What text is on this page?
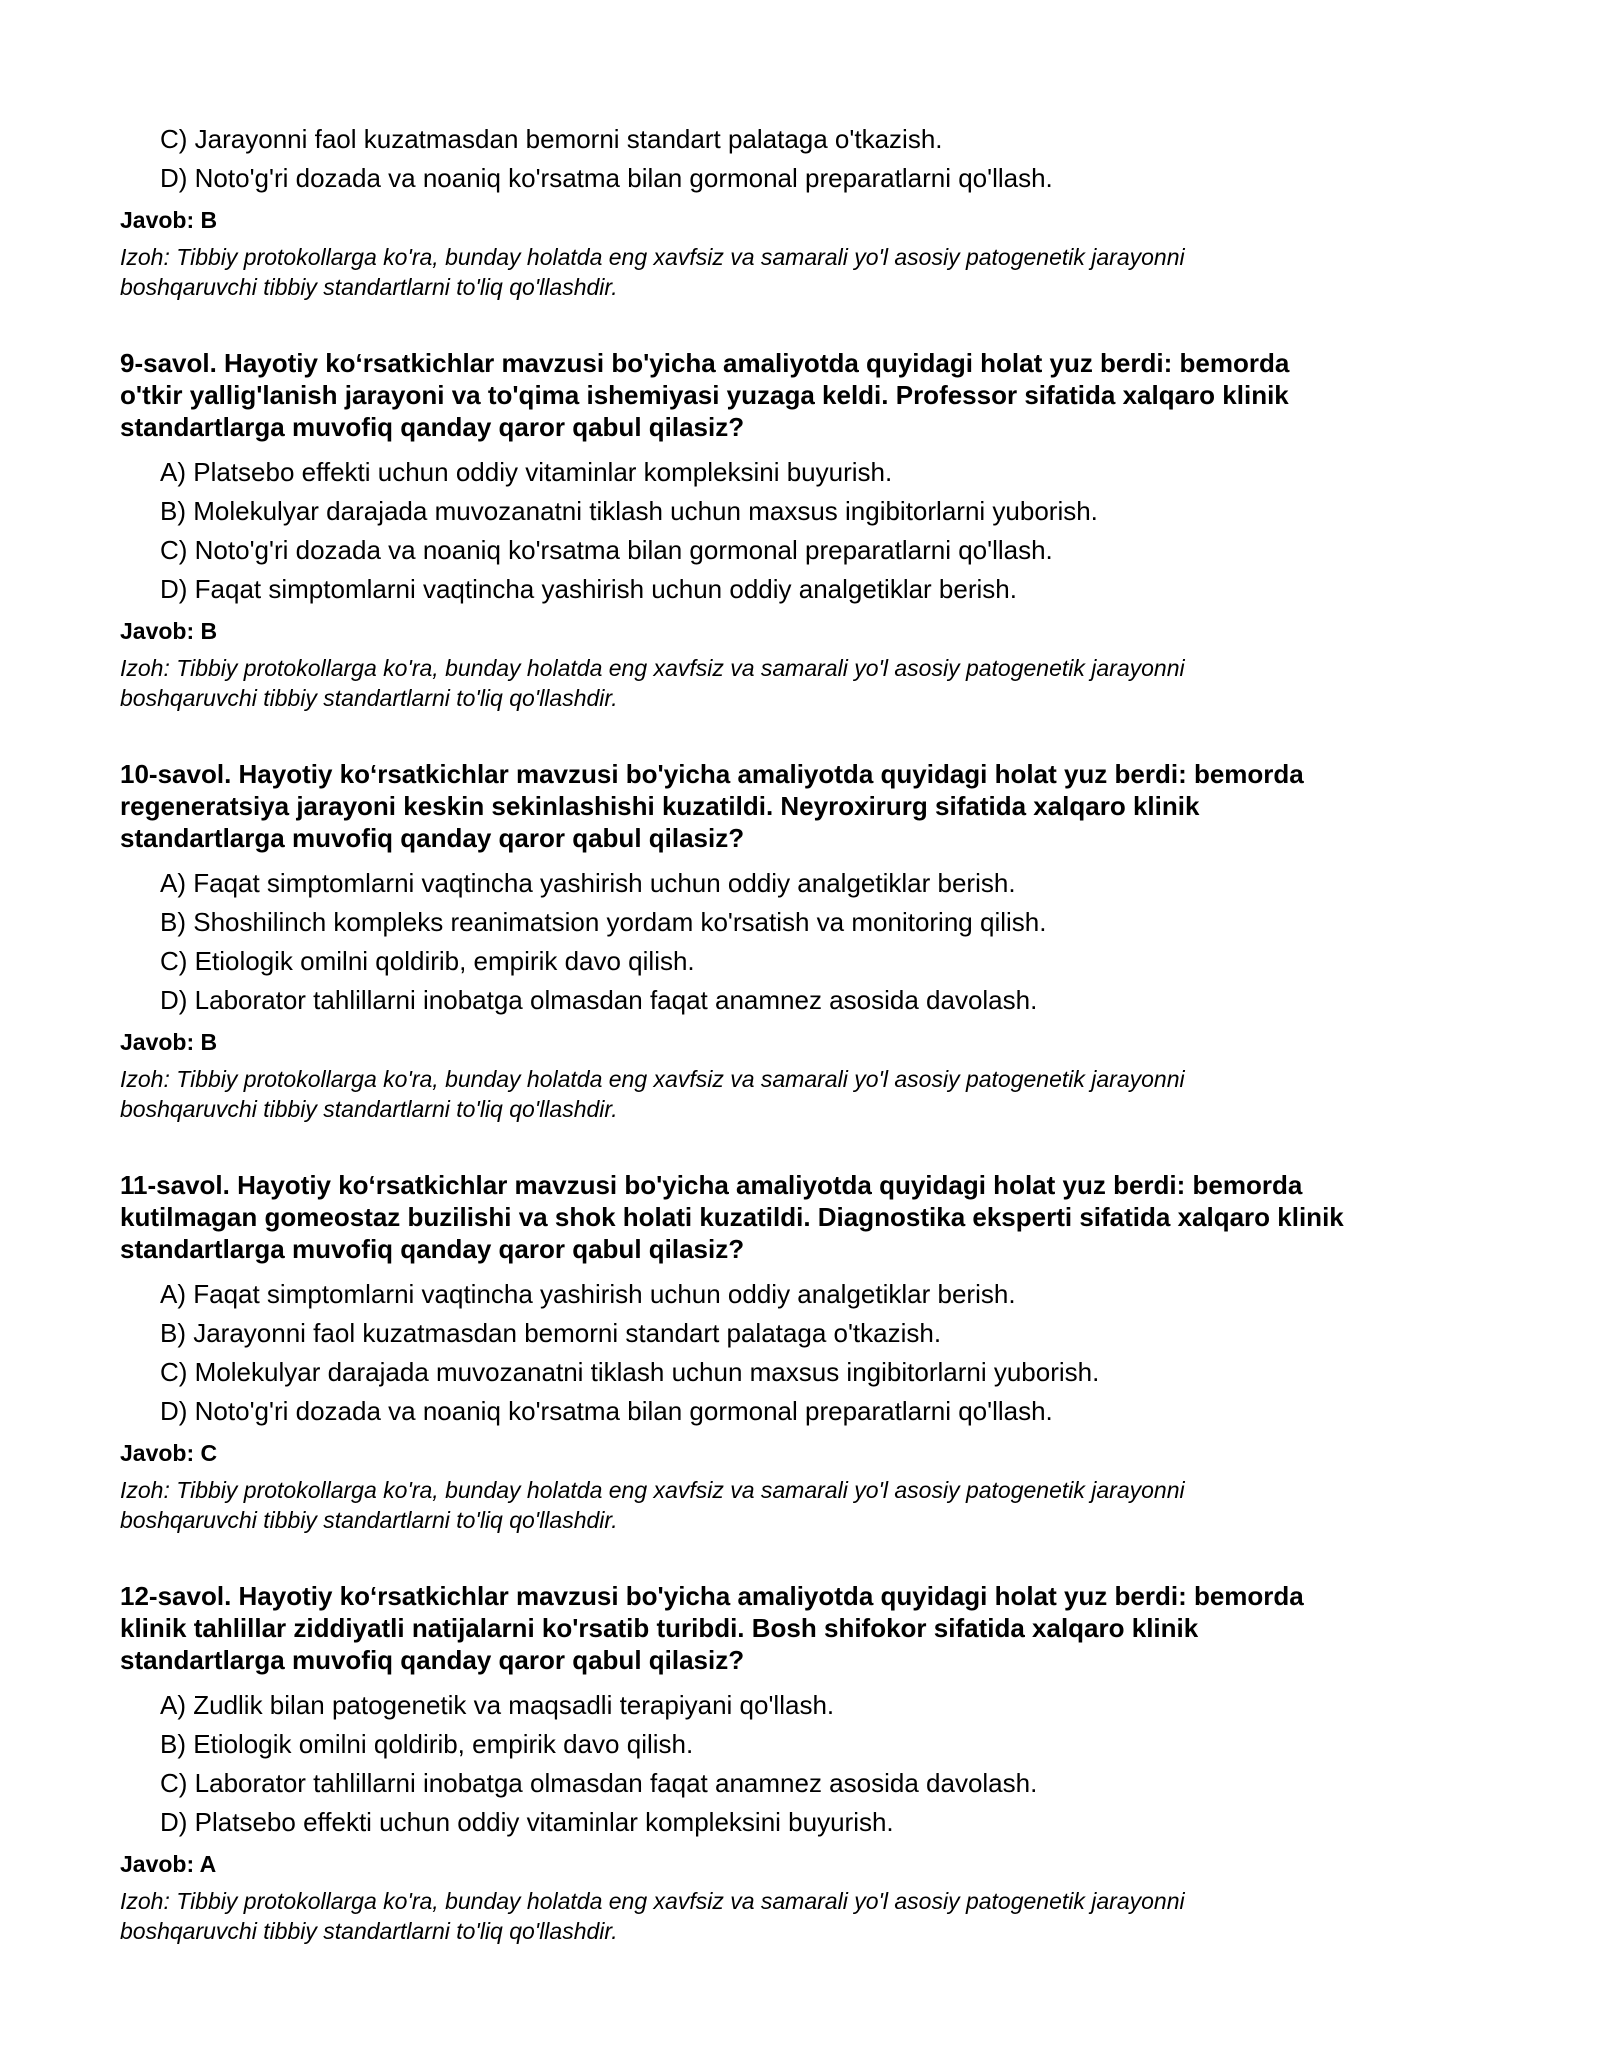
C) Jarayonni faol kuzatmasdan bemorni standart palataga o'tkazish.
D) Noto'g'ri dozada va noaniq ko'rsatma bilan gormonal preparatlarni qo'llash.
Javob: B
Izoh: Tibbiy protokollarga ko'ra, bunday holatda eng xavfsiz va samarali yo'l asosiy patogenetik jarayonni
boshqaruvchi tibbiy standartlarni to'liq qo'llashdir.
9-savol. Hayotiy ko‘rsatkichlar mavzusi bo'yicha amaliyotda quyidagi holat yuz berdi: bemorda
o'tkir yallig'lanish jarayoni va to'qima ishemiyasi yuzaga keldi. Professor sifatida xalqaro klinik
standartlarga muvofiq qanday qaror qabul qilasiz?
A) Platsebo effekti uchun oddiy vitaminlar kompleksini buyurish.
B) Molekulyar darajada muvozanatni tiklash uchun maxsus ingibitorlarni yuborish.
C) Noto'g'ri dozada va noaniq ko'rsatma bilan gormonal preparatlarni qo'llash.
D) Faqat simptomlarni vaqtincha yashirish uchun oddiy analgetiklar berish.
Javob: B
Izoh: Tibbiy protokollarga ko'ra, bunday holatda eng xavfsiz va samarali yo'l asosiy patogenetik jarayonni
boshqaruvchi tibbiy standartlarni to'liq qo'llashdir.
10-savol. Hayotiy ko‘rsatkichlar mavzusi bo'yicha amaliyotda quyidagi holat yuz berdi: bemorda
regeneratsiya jarayoni keskin sekinlashishi kuzatildi. Neyroxirurg sifatida xalqaro klinik
standartlarga muvofiq qanday qaror qabul qilasiz?
A) Faqat simptomlarni vaqtincha yashirish uchun oddiy analgetiklar berish.
B) Shoshilinch kompleks reanimatsion yordam ko'rsatish va monitoring qilish.
C) Etiologik omilni qoldirib, empirik davo qilish.
D) Laborator tahlillarni inobatga olmasdan faqat anamnez asosida davolash.
Javob: B
Izoh: Tibbiy protokollarga ko'ra, bunday holatda eng xavfsiz va samarali yo'l asosiy patogenetik jarayonni
boshqaruvchi tibbiy standartlarni to'liq qo'llashdir.
11-savol. Hayotiy ko‘rsatkichlar mavzusi bo'yicha amaliyotda quyidagi holat yuz berdi: bemorda
kutilmagan gomeostaz buzilishi va shok holati kuzatildi. Diagnostika eksperti sifatida xalqaro klinik
standartlarga muvofiq qanday qaror qabul qilasiz?
A) Faqat simptomlarni vaqtincha yashirish uchun oddiy analgetiklar berish.
B) Jarayonni faol kuzatmasdan bemorni standart palataga o'tkazish.
C) Molekulyar darajada muvozanatni tiklash uchun maxsus ingibitorlarni yuborish.
D) Noto'g'ri dozada va noaniq ko'rsatma bilan gormonal preparatlarni qo'llash.
Javob: C
Izoh: Tibbiy protokollarga ko'ra, bunday holatda eng xavfsiz va samarali yo'l asosiy patogenetik jarayonni
boshqaruvchi tibbiy standartlarni to'liq qo'llashdir.
12-savol. Hayotiy ko‘rsatkichlar mavzusi bo'yicha amaliyotda quyidagi holat yuz berdi: bemorda
klinik tahlillar ziddiyatli natijalarni ko'rsatib turibdi. Bosh shifokor sifatida xalqaro klinik
standartlarga muvofiq qanday qaror qabul qilasiz?
A) Zudlik bilan patogenetik va maqsadli terapiyani qo'llash.
B) Etiologik omilni qoldirib, empirik davo qilish.
C) Laborator tahlillarni inobatga olmasdan faqat anamnez asosida davolash.
D) Platsebo effekti uchun oddiy vitaminlar kompleksini buyurish.
Javob: A
Izoh: Tibbiy protokollarga ko'ra, bunday holatda eng xavfsiz va samarali yo'l asosiy patogenetik jarayonni
boshqaruvchi tibbiy standartlarni to'liq qo'llashdir.
